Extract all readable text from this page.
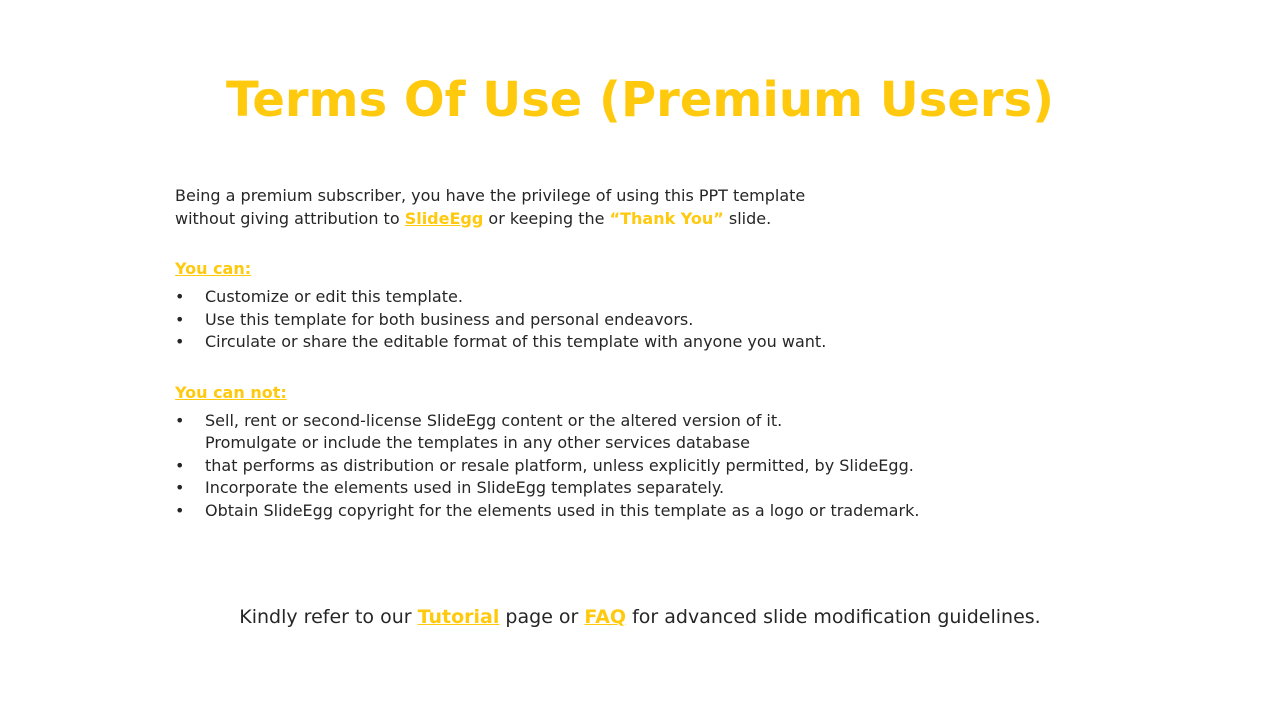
Terms Of Use (Premium Users)

Being a premium subscriber, you have the privilege of using this PPT template
without giving attribution to SlideEgg or keeping the “Thank You” slide.

You can:
• Customize or edit this template.
• Use this template for both business and personal endeavors.
• Circulate or share the editable format of this template with anyone you want.
You can not:
• Sell, rent or second-license SlideEgg content or the altered version of it.
Promulgate or include the templates in any other services database
• that performs as distribution or resale platform, unless explicitly permitted, by SlideEgg.
• Incorporate the elements used in SlideEgg templates separately.
• Obtain SlideEgg copyright for the elements used in this template as a logo or trademark.

Kindly refer to our Tutorial page or FAQ for advanced slide modification guidelines.
